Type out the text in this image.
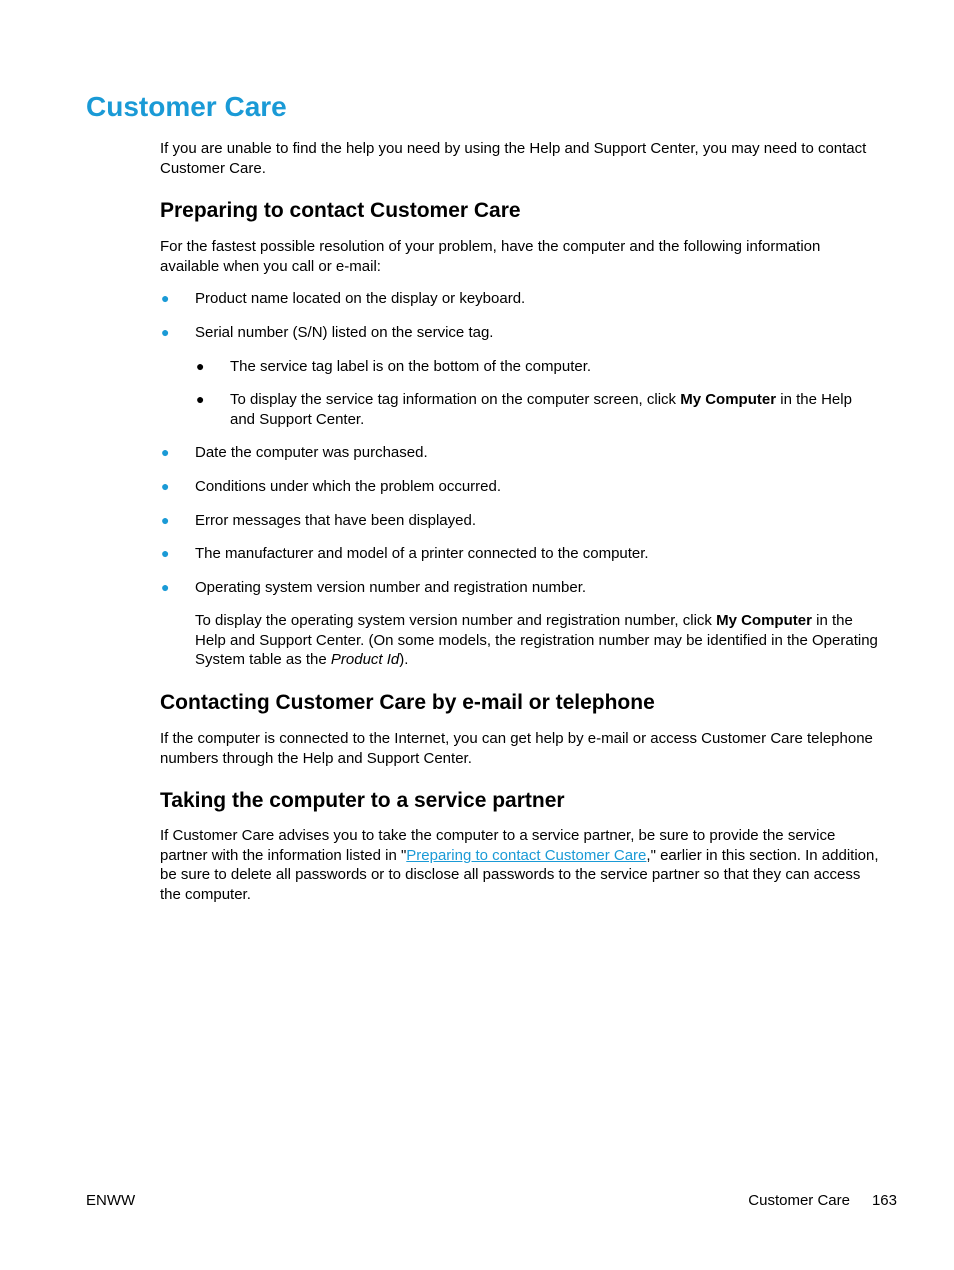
Customer Care

If you are unable to find the help you need by using the Help and Support Center, you may need to contact Customer Care.

Preparing to contact Customer Care

For the fastest possible resolution of your problem, have the computer and the following information available when you call or e-mail:

● Product name located on the display or keyboard.

● Serial number (S/N) listed on the service tag.

● The service tag label is on the bottom of the computer.

● To display the service tag information on the computer screen, click My Computer in the Help and Support Center.

● Date the computer was purchased.

● Conditions under which the problem occurred.

● Error messages that have been displayed.

● The manufacturer and model of a printer connected to the computer.

● Operating system version number and registration number.

To display the operating system version number and registration number, click My Computer in the Help and Support Center. (On some models, the registration number may be identified in the Operating System table as the Product Id).

Contacting Customer Care by e-mail or telephone

If the computer is connected to the Internet, you can get help by e-mail or access Customer Care telephone numbers through the Help and Support Center.

Taking the computer to a service partner

If Customer Care advises you to take the computer to a service partner, be sure to provide the service partner with the information listed in "Preparing to contact Customer Care," earlier in this section. In addition, be sure to delete all passwords or to disclose all passwords to the service partner so that they can access the computer.

ENWW	Customer Care 163
